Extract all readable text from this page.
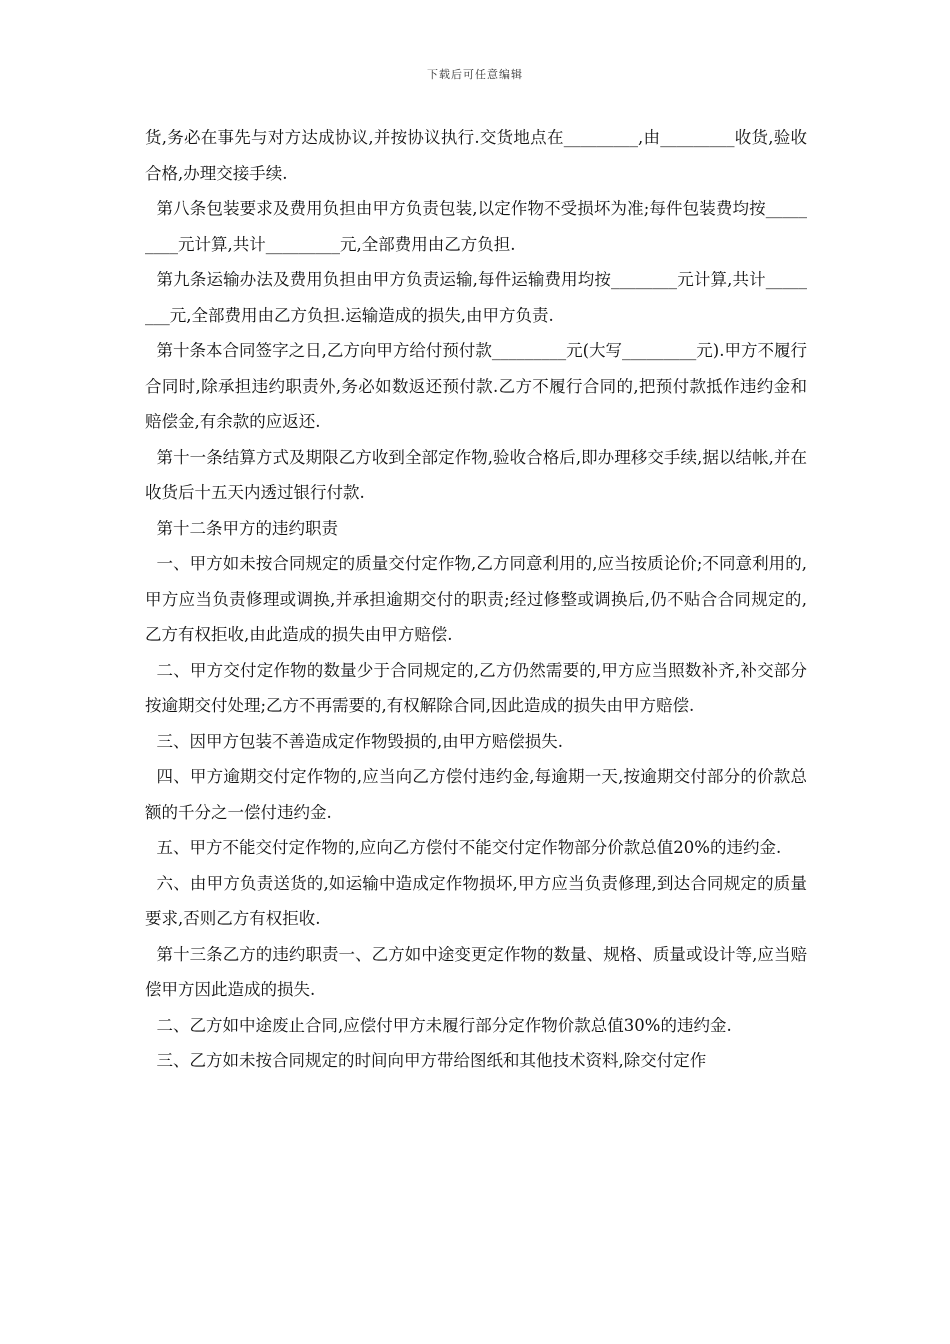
下载后可任意编辑

货,务必在事先与对方达成协议,并按协议执行.交货地点在_________,由_________收货,验收合格,办理交接手续.

第八条包装要求及费用负担由甲方负责包装,以定作物不受损坏为准;每件包装费均按_________元计算,共计_________元,全部费用由乙方负担.

第九条运输办法及费用负担由甲方负责运输,每件运输费用均按________元计算,共计________元,全部费用由乙方负担.运输造成的损失,由甲方负责.

第十条本合同签字之日,乙方向甲方给付预付款_________元(大写_________元).甲方不履行合同时,除承担违约职责外,务必如数返还预付款.乙方不履行合同的,把预付款抵作违约金和赔偿金,有余款的应返还.

第十一条结算方式及期限乙方收到全部定作物,验收合格后,即办理移交手续,据以结帐,并在收货后十五天内透过银行付款.

第十二条甲方的违约职责

一、甲方如未按合同规定的质量交付定作物,乙方同意利用的,应当按质论价;不同意利用的,甲方应当负责修理或调换,并承担逾期交付的职责;经过修整或调换后,仍不贴合合同规定的,乙方有权拒收,由此造成的损失由甲方赔偿.

二、甲方交付定作物的数量少于合同规定的,乙方仍然需要的,甲方应当照数补齐,补交部分按逾期交付处理;乙方不再需要的,有权解除合同,因此造成的损失由甲方赔偿.

三、因甲方包装不善造成定作物毁损的,由甲方赔偿损失.

四、甲方逾期交付定作物的,应当向乙方偿付违约金,每逾期一天,按逾期交付部分的价款总额的千分之一偿付违约金.

五、甲方不能交付定作物的,应向乙方偿付不能交付定作物部分价款总值20%的违约金.

六、由甲方负责送货的,如运输中造成定作物损坏,甲方应当负责修理,到达合同规定的质量要求,否则乙方有权拒收.

第十三条乙方的违约职责一、乙方如中途变更定作物的数量、规格、质量或设计等,应当赔偿甲方因此造成的损失.

二、乙方如中途废止合同,应偿付甲方未履行部分定作物价款总值30%的违约金.

三、乙方如未按合同规定的时间向甲方带给图纸和其他技术资料,除交付定作
